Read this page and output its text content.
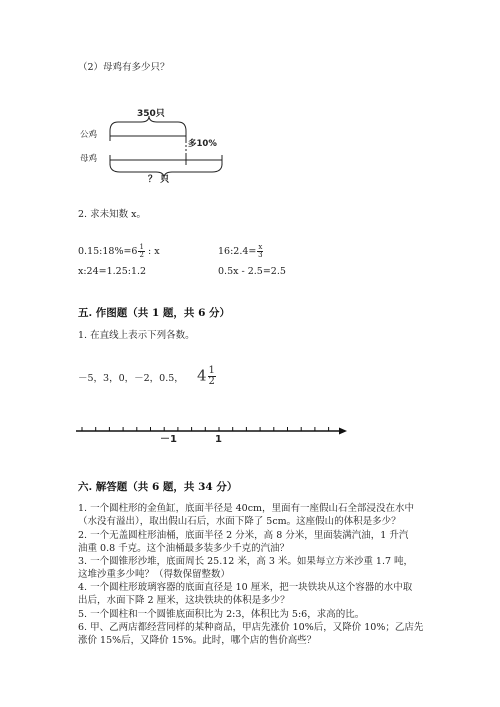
（2）母鸡有多少只？
350只
公鸡
母鸡
多10%
？ 只
2. 求未知数 x。
0.15:18%=6 $\frac{1}{2}$ : x	16:2.4= $\frac{x}{3}$
x:24=1.25:1.2	0.5x - 2.5=2.5
五. 作图题（共 1 题，共 6 分）
1. 在直线上表示下列各数。
－5，3，0，－2，0.5， $4 \frac{1}{2}$
－1	1
六. 解答题（共 6 题，共 34 分）
1. 一个圆柱形的金鱼缸，底面半径是 40cm，里面有一座假山石全部浸没在水中
（水没有溢出），取出假山石后，水面下降了 5cm。这座假山的体积是多少？
2. 一个无盖圆柱形油桶，底面半径 2 分米，高 8 分米，里面装满汽油，1 升汽
油重 0.8 千克。这个油桶最多装多少千克的汽油？
3. 一个圆锥形沙堆，底面周长 25.12 米，高 3 米。如果每立方米沙重 1.7 吨，
这堆沙重多少吨？（得数保留整数）
4. 一个圆柱形玻璃容器的底面直径是 10 厘米，把一块铁块从这个容器的水中取
出后，水面下降 2 厘米，这块铁块的体积是多少？
5. 一个圆柱和一个圆锥底面积比为 2:3，体积比为 5:6，求高的比。
6. 甲、乙两店都经营同样的某种商品，甲店先涨价 10%后，又降价 10%；乙店先
涨价 15%后，又降价 15%。此时，哪个店的售价高些？
